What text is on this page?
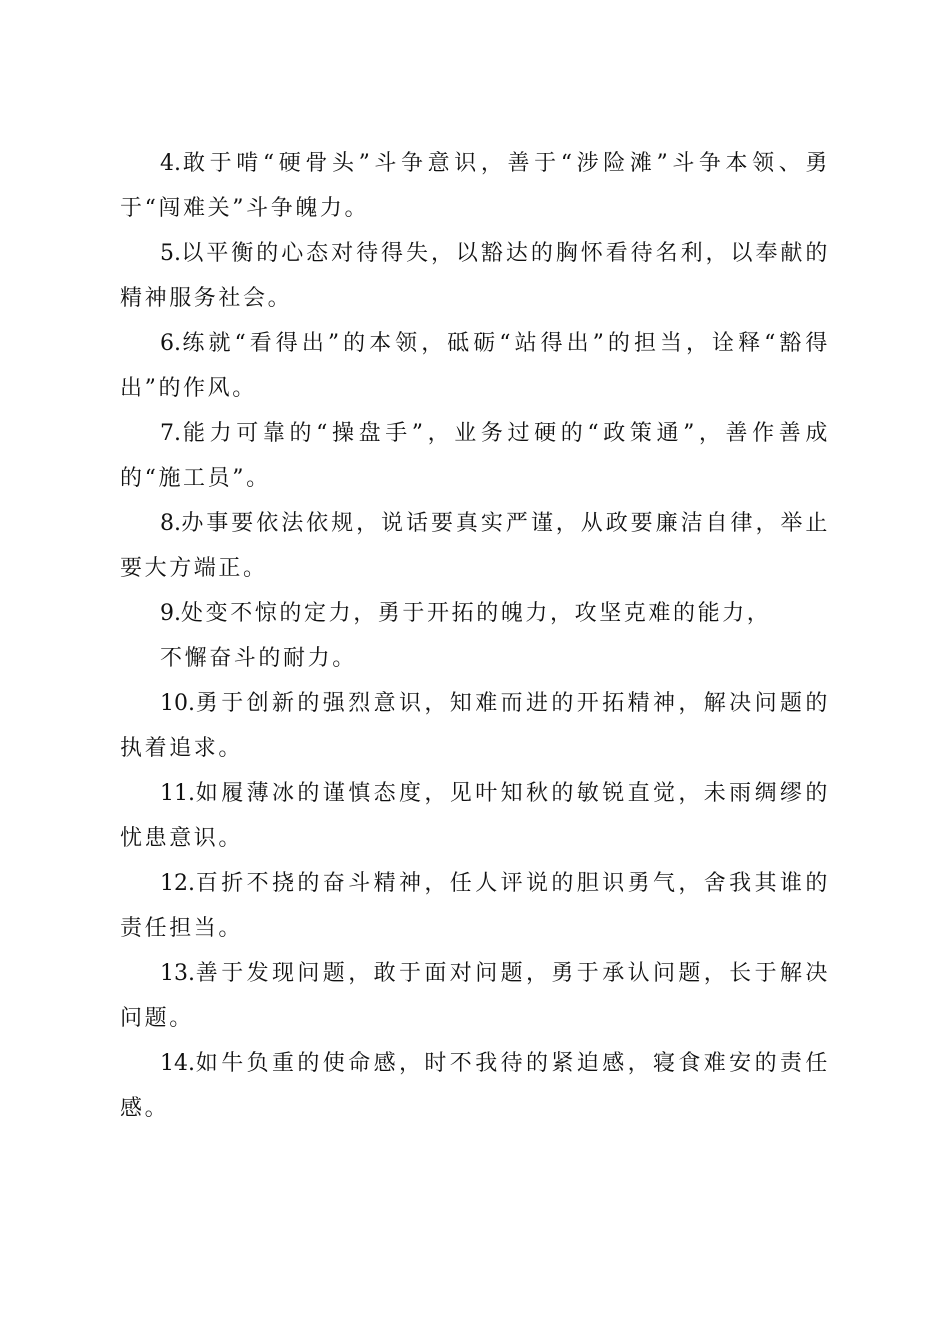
4.敢于啃“硬骨头”斗争意识，善于“涉险滩”斗争本领、勇于“闯难关”斗争魄力。

5.以平衡的心态对待得失，以豁达的胸怀看待名利，以奉献的精神服务社会。

6.练就“看得出”的本领，砥砺“站得出”的担当，诠释“豁得出”的作风。

7.能力可靠的“操盘手”，业务过硬的“政策通”，善作善成的“施工员”。

8.办事要依法依规，说话要真实严谨，从政要廉洁自律，举止要大方端正。

9.处变不惊的定力，勇于开拓的魄力，攻坚克难的能力，
不懈奋斗的耐力。

10.勇于创新的强烈意识，知难而进的开拓精神，解决问题的执着追求。

11.如履薄冰的谨慎态度，见叶知秋的敏锐直觉，未雨绸缪的忧患意识。

12.百折不挠的奋斗精神，任人评说的胆识勇气，舍我其谁的责任担当。

13.善于发现问题，敢于面对问题，勇于承认问题，长于解决问题。

14.如牛负重的使命感，时不我待的紧迫感，寝食难安的责任感。
